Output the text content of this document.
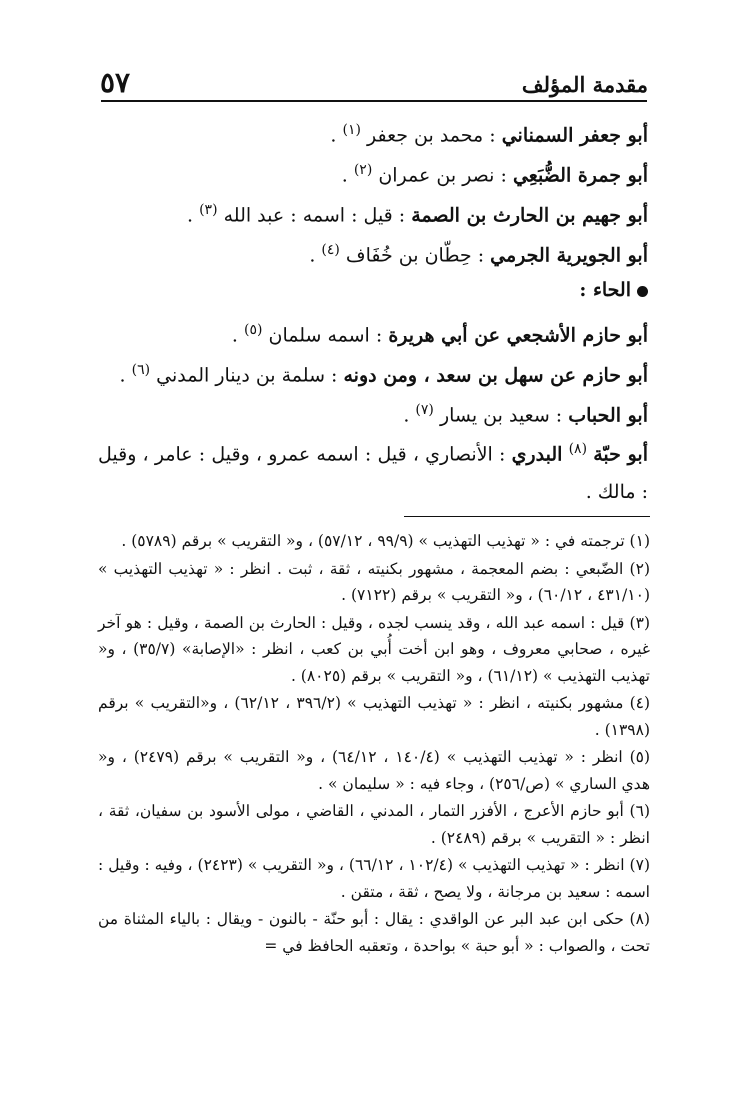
مقدمة المؤلف
٥٧
أبو جعفر السمناني : محمد بن جعفر $^{(١)}$ .
أبو جمرة الضُّبَعِي : نصر بن عمران $^{(٢)}$ .
أبو جهيم بن الحارث بن الصمة : قيل : اسمه : عبد الله $^{(٣)}$ .
أبو الجويرية الجرمي : حِطّان بن خُفَاف $^{(٤)}$ .
الحاء :
أبو حازم الأشجعي عن أبي هريرة : اسمه سلمان $^{(٥)}$ .
أبو حازم عن سهل بن سعد ، ومن دونه : سلمة بن دينار المدني $^{(٦)}$ .
أبو الحباب : سعيد بن يسار $^{(٧)}$ .
أبو حبّة $^{(٨)}$ البدري : الأنصاري ، قيل : اسمه عمرو ، وقيل : عامر ، وقيل : مالك .
(١) ترجمته في : « تهذيب التهذيب » (٩٩/٩ ، ٥٧/١٢) ، و« التقريب » برقم (٥٧٨٩) .
(٢) الضّبعي : بضم المعجمة ، مشهور بكنيته ، ثقة ، ثبت . انظر : « تهذيب التهذيب » (٤٣١/١٠ ، ٦٠/١٢) ، و« التقريب » برقم (٧١٢٢) .
(٣) قيل : اسمه عبد الله ، وقد ينسب لجده ، وقيل : الحارث بن الصمة ، وقيل : هو آخر غيره ، صحابي معروف ، وهو ابن أخت أُبي بن كعب ، انظر : «الإصابة» (٣٥/٧) ، و« تهذيب التهذيب » (٦١/١٢) ، و« التقريب » برقم (٨٠٢٥) .
(٤) مشهور بكنيته ، انظر : « تهذيب التهذيب » (٣٩٦/٢ ، ٦٢/١٢) ، و«التقريب » برقم (١٣٩٨) .
(٥) انظر : « تهذيب التهذيب » (١٤٠/٤ ، ٦٤/١٢) ، و« التقريب » برقم (٢٤٧٩) ، و« هدي الساري » (ص/٢٥٦) ، وجاء فيه : « سليمان » .
(٦) أبو حازم الأعرج ، الأفزر التمار ، المدني ، القاضي ، مولى الأسود بن سفيان، ثقة ، انظر : « التقريب » برقم (٢٤٨٩) .
(٧) انظر : « تهذيب التهذيب » (١٠٢/٤ ، ٦٦/١٢) ، و« التقريب » (٢٤٢٣) ، وفيه : وقيل : اسمه : سعيد بن مرجانة ، ولا يصح ، ثقة ، متقن .
(٨) حكى ابن عبد البر عن الواقدي : يقال : أبو حنّة - بالنون - ويقال : بالياء المثناة من تحت ، والصواب : « أبو حبة » بواحدة ، وتعقبه الحافظ في =
